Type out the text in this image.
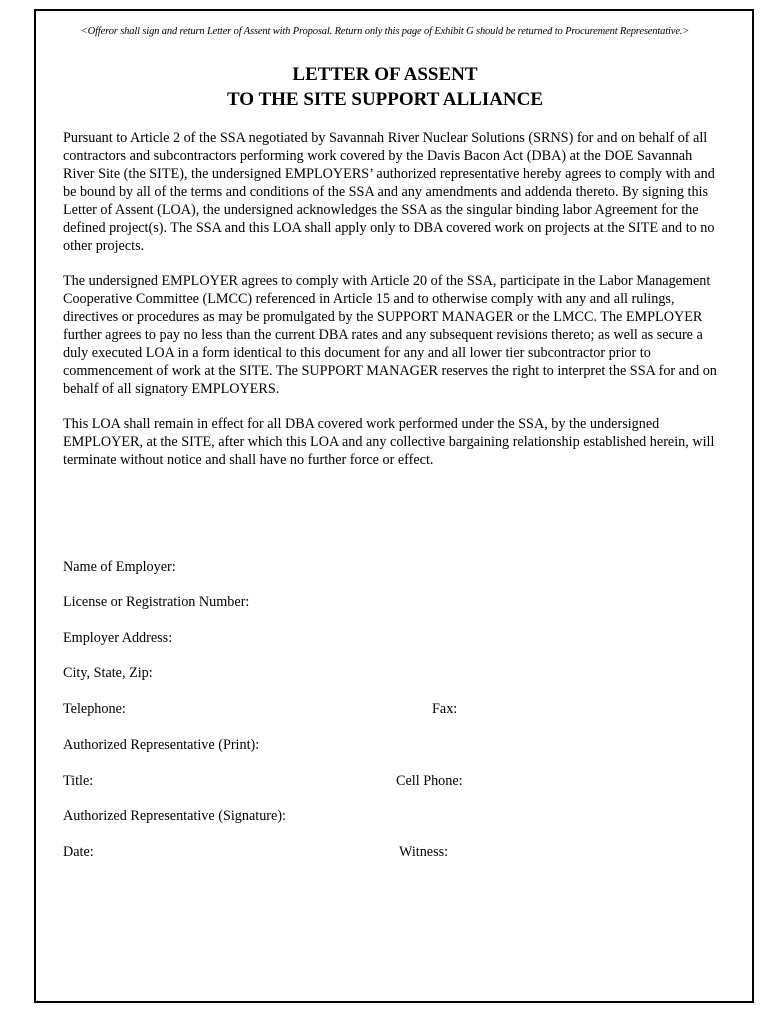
<Offeror shall sign and return Letter of Assent with Proposal. Return only this page of Exhibit G should be returned to Procurement Representative.>
LETTER OF ASSENT
TO THE SITE SUPPORT ALLIANCE

Pursuant to Article 2 of the SSA negotiated by Savannah River Nuclear Solutions (SRNS) for and on behalf of all contractors and subcontractors performing work covered by the Davis Bacon Act (DBA) at the DOE Savannah River Site (the SITE), the undersigned EMPLOYERS’ authorized representative hereby agrees to comply with and be bound by all of the terms and conditions of the SSA and any amendments and addenda thereto. By signing this Letter of Assent (LOA), the undersigned acknowledges the SSA as the singular binding labor Agreement for the defined project(s). The SSA and this LOA shall apply only to DBA covered work on projects at the SITE and to no other projects.

The undersigned EMPLOYER agrees to comply with Article 20 of the SSA, participate in the Labor Management Cooperative Committee (LMCC) referenced in Article 15 and to otherwise comply with any and all rulings, directives or procedures as may be promulgated by the SUPPORT MANAGER or the LMCC. The EMPLOYER further agrees to pay no less than the current DBA rates and any subsequent revisions thereto; as well as secure a duly executed LOA in a form identical to this document for any and all lower tier subcontractor prior to commencement of work at the SITE. The SUPPORT MANAGER reserves the right to interpret the SSA for and on behalf of all signatory EMPLOYERS.

This LOA shall remain in effect for all DBA covered work performed under the SSA, by the undersigned EMPLOYER, at the SITE, after which this LOA and any collective bargaining relationship established herein, will terminate without notice and shall have no further force or effect.

Name of Employer:
License or Registration Number:
Employer Address:
City, State, Zip:
Telephone:	Fax:
Authorized Representative (Print):
Title:	Cell Phone:
Authorized Representative (Signature):
Date:	Witness:
